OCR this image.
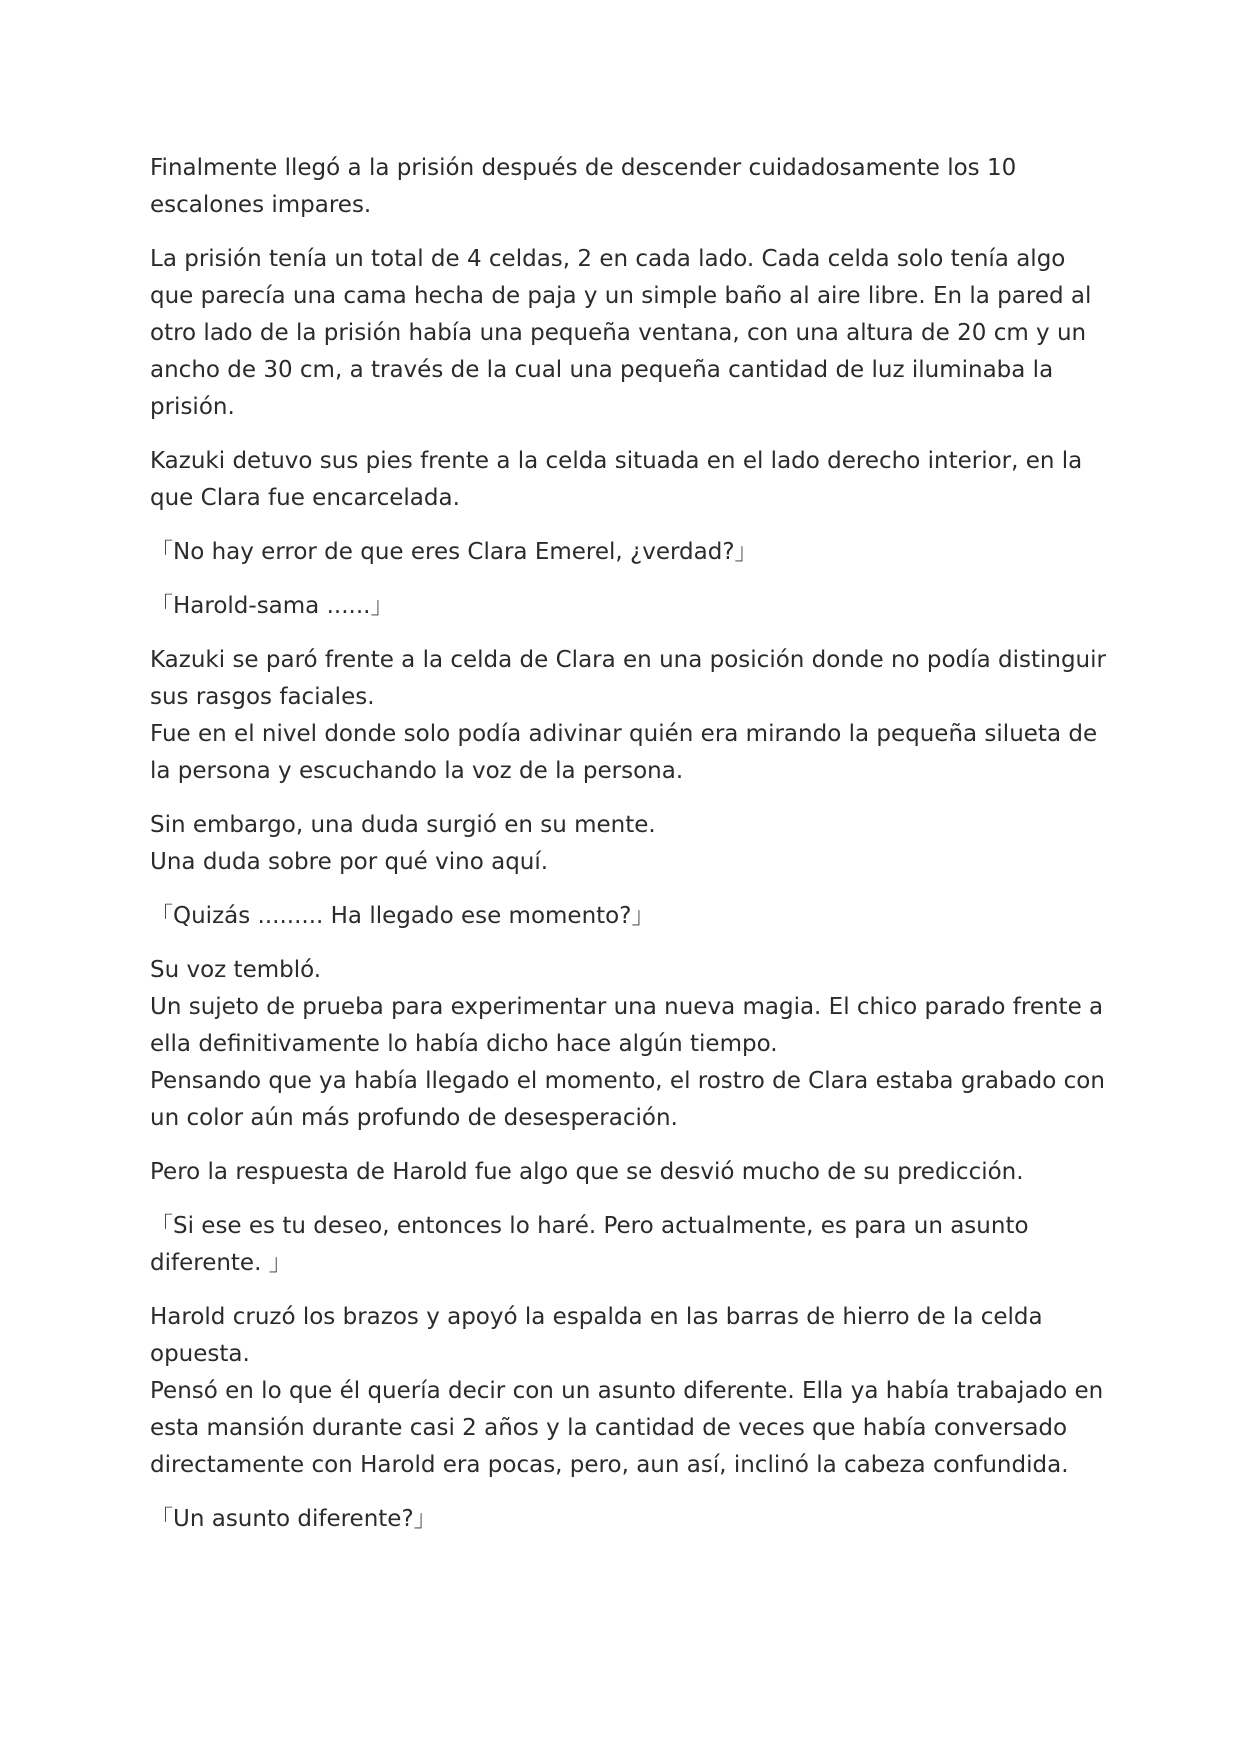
Finalmente llegó a la prisión después de descender cuidadosamente los 10
escalones impares.

La prisión tenía un total de 4 celdas, 2 en cada lado. Cada celda solo tenía algo
que parecía una cama hecha de paja y un simple baño al aire libre. En la pared al
otro lado de la prisión había una pequeña ventana, con una altura de 20 cm y un
ancho de 30 cm, a través de la cual una pequeña cantidad de luz iluminaba la
prisión.

Kazuki detuvo sus pies frente a la celda situada en el lado derecho interior, en la
que Clara fue encarcelada.

「No hay error de que eres Clara Emerel, ¿verdad?」

「Harold-sama ......」

Kazuki se paró frente a la celda de Clara en una posición donde no podía distinguir
sus rasgos faciales.
Fue en el nivel donde solo podía adivinar quién era mirando la pequeña silueta de
la persona y escuchando la voz de la persona.

Sin embargo, una duda surgió en su mente.
Una duda sobre por qué vino aquí.

「Quizás ......... Ha llegado ese momento?」

Su voz tembló.
Un sujeto de prueba para experimentar una nueva magia. El chico parado frente a
ella definitivamente lo había dicho hace algún tiempo.
Pensando que ya había llegado el momento, el rostro de Clara estaba grabado con
un color aún más profundo de desesperación.

Pero la respuesta de Harold fue algo que se desvió mucho de su predicción.

「Si ese es tu deseo, entonces lo haré. Pero actualmente, es para un asunto
diferente. 」

Harold cruzó los brazos y apoyó la espalda en las barras de hierro de la celda
opuesta.
Pensó en lo que él quería decir con un asunto diferente. Ella ya había trabajado en
esta mansión durante casi 2 años y la cantidad de veces que había conversado
directamente con Harold era pocas, pero, aun así, inclinó la cabeza confundida.

「Un asunto diferente?」
